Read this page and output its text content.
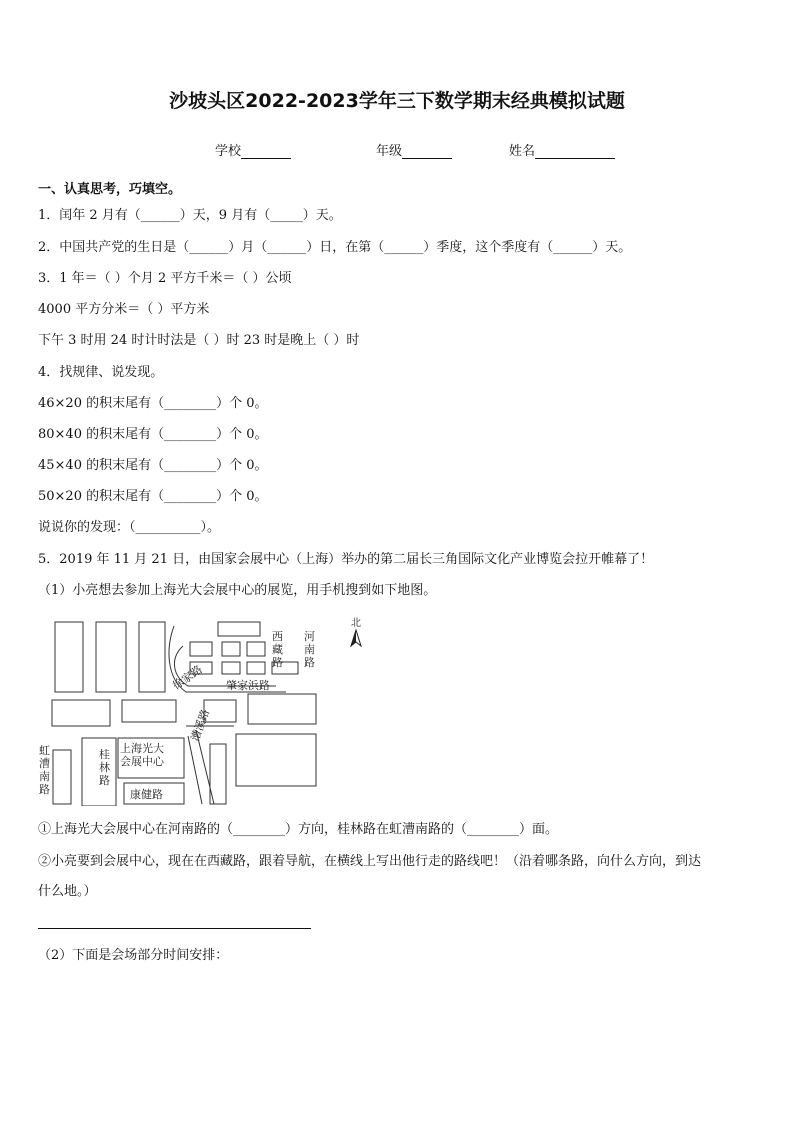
沙坡头区2022-2023学年三下数学期末经典模拟试题
学校	年级	姓名
一、认真思考，巧填空。
1．闰年 2 月有（______）天，9 月有（_____）天。
2．中国共产党的生日是（______）月（______）日，在第（______）季度，这个季度有（______）天。
3．1 年＝（ ）个月 2 平方千米＝（ ）公顷
4000 平方分米＝（ ）平方米
下午 3 时用 24 时计时法是（ ）时 23 时是晚上（ ）时
4．找规律、说发现。
46×20 的积末尾有（________）个 0。
80×40 的积末尾有（________）个 0。
45×40 的积末尾有（________）个 0。
50×20 的积末尾有（________）个 0。
说说你的发现：（__________）。
5．2019 年 11 月 21 日，由国家会展中心（上海）举办的第二届长三角国际文化产业博览会拉开帷幕了！
（1）小亮想去参加上海光大会展中心的展览，用手机搜到如下地图。
西藏路
河南路
徐家路 肇家浜路
虹漕南路
桂林路
上海光大
会展中心
康健路
漕溪路
北
①上海光大会展中心在河南路的（________）方向，桂林路在虹漕南路的（________）面。
②小亮要到会展中心，现在在西藏路，跟着导航，在横线上写出他行走的路线吧！（沿着哪条路，向什么方向，到达
什么地。）
（2）下面是会场部分时间安排：
